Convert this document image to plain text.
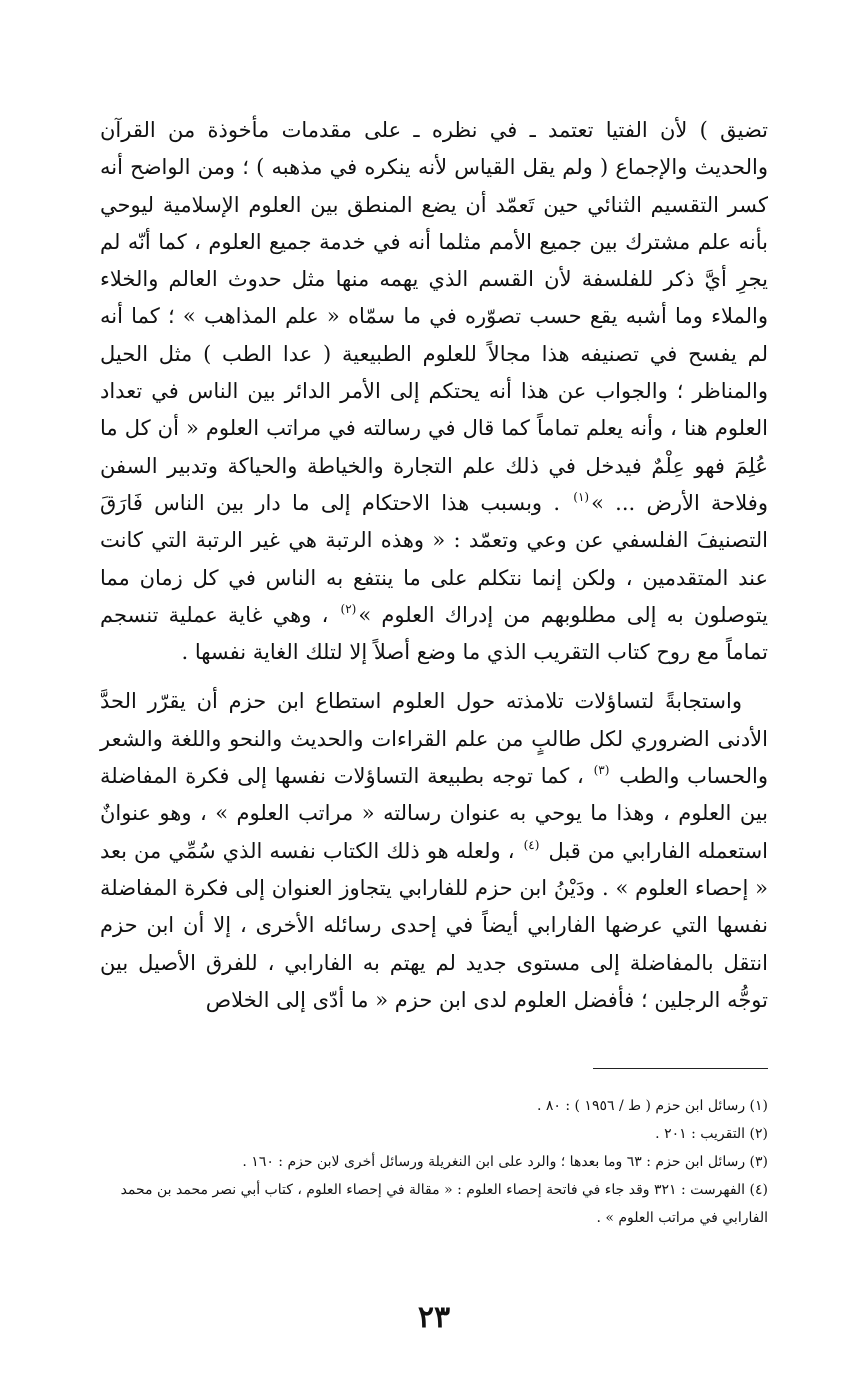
تضيق ) لأن الفتيا تعتمد ـ في نظره ـ على مقدمات مأخوذة من القرآن والحديث والإجماع ( ولم يقل القياس لأنه ينكره في مذهبه ) ؛ ومن الواضح أنه كسر التقسيم الثنائي حين تَعمّد أن يضع المنطق بين العلوم الإسلامية ليوحي بأنه علم مشترك بين جميع الأمم مثلما أنه في خدمة جميع العلوم ، كما أنّه لم يجرِ أيَّ ذكر للفلسفة لأن القسم الذي يهمه منها مثل حدوث العالم والخلاء والملاء وما أشبه يقع حسب تصوّره في ما سمّاه « علم المذاهب » ؛ كما أنه لم يفسح في تصنيفه هذا مجالاً للعلوم الطبيعية ( عدا الطب ) مثل الحيل والمناظر ؛ والجواب عن هذا أنه يحتكم إلى الأمر الدائر بين الناس في تعداد العلوم هنا ، وأنه يعلم تماماً كما قال في رسالته في مراتب العلوم « أن كل ما عُلِمَ فهو عِلْمٌ فيدخل في ذلك علم التجارة والخياطة والحياكة وتدبير السفن وفلاحة الأرض ... »$^{(١)}$ . وبسبب هذا الاحتكام إلى ما دار بين الناس فَارَقَ التصنيفَ الفلسفي عن وعي وتعمّد : « وهذه الرتبة هي غير الرتبة التي كانت عند المتقدمين ، ولكن إنما نتكلم على ما ينتفع به الناس في كل زمان مما يتوصلون به إلى مطلوبهم من إدراك العلوم »$^{(٢)}$ ، وهي غاية عملية تنسجم تماماً مع روح كتاب التقريب الذي ما وضع أصلاً إلا لتلك الغاية نفسها .

واستجابةً لتساؤلات تلامذته حول العلوم استطاع ابن حزم أن يقرّر الحدَّ الأدنى الضروري لكل طالبٍ من علم القراءات والحديث والنحو واللغة والشعر والحساب والطب $^{(٣)}$ ، كما توجه بطبيعة التساؤلات نفسها إلى فكرة المفاضلة بين العلوم ، وهذا ما يوحي به عنوان رسالته « مراتب العلوم » ، وهو عنوانٌ استعمله الفارابي من قبل $^{(٤)}$ ، ولعله هو ذلك الكتاب نفسه الذي سُمِّي من بعد « إحصاء العلوم » . ودَيْنُ ابن حزم للفارابي يتجاوز العنوان إلى فكرة المفاضلة نفسها التي عرضها الفارابي أيضاً في إحدى رسائله الأخرى ، إلا أن ابن حزم انتقل بالمفاضلة إلى مستوى جديد لم يهتم به الفارابي ، للفرق الأصيل بين توجُّه الرجلين ؛ فأفضل العلوم لدى ابن حزم « ما أدّى إلى الخلاص

(١) رسائل ابن حزم ( ط / ١٩٥٦ ) : ٨٠ .

(٢) التقريب : ٢٠١ .

(٣) رسائل ابن حزم : ٦٣ وما بعدها ؛ والرد على ابن النغريلة ورسائل أخرى لابن حزم : ١٦٠ .

(٤) الفهرست : ٣٢١ وقد جاء في فاتحة إحصاء العلوم : « مقالة في إحصاء العلوم ، كتاب أبي نصر محمد بن محمد الفارابي في مراتب العلوم » .

٢٣
